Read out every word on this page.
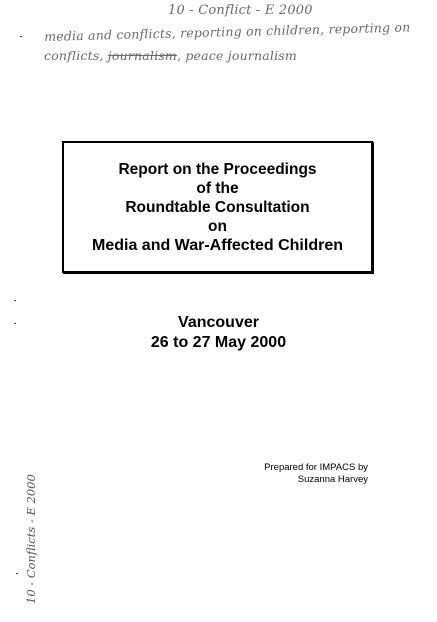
10 - Conflict - E 2000
media and conflicts, reporting on children, reporting on
conflicts, journalism, peace journalism
Report on the Proceedings
of the
Roundtable Consultation
on
Media and War-Affected Children
Vancouver
26 to 27 May 2000
Prepared for IMPACS by
Suzanna Harvey
10 - Conflicts - E 2000
